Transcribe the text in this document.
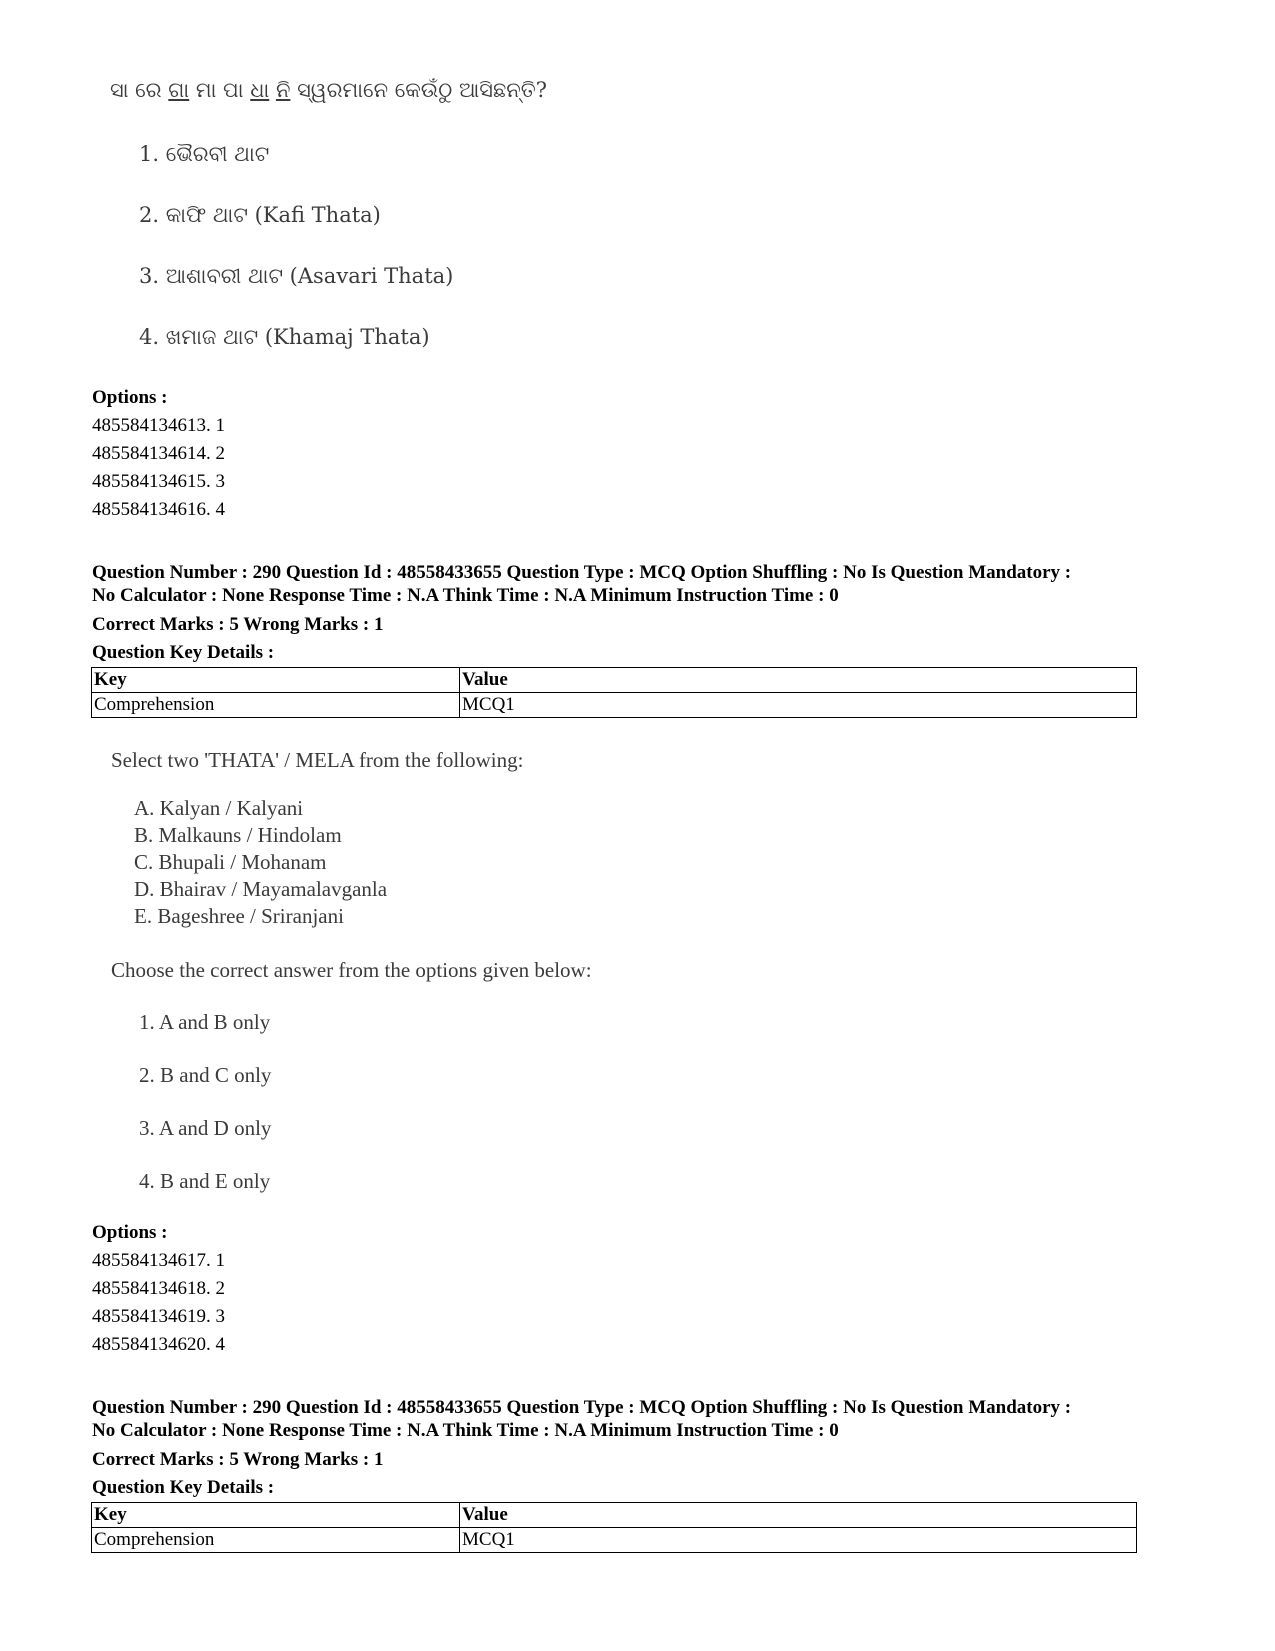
ସା ରେ ଗା ମା ପା ଧା ନି ସ୍ୱରମାନେ କେଉଁଠୁ ଆସିଛନ୍ତି?
1. ଭୈରବୀ ଥାଟ
2. କାଫି ଥାଟ (Kafi Thata)
3. ଆଶାବରୀ ଥାଟ (Asavari Thata)
4. ଖମାଜ ଥାଟ (Khamaj Thata)
Options :
485584134613. 1
485584134614. 2
485584134615. 3
485584134616. 4
Question Number : 290 Question Id : 48558433655 Question Type : MCQ Option Shuffling : No Is Question Mandatory :
No Calculator : None Response Time : N.A Think Time : N.A Minimum Instruction Time : 0
Correct Marks : 5 Wrong Marks : 1
Question Key Details :
Key	Value
Comprehension	MCQ1
Select two 'THATA' / MELA from the following:
A. Kalyan / Kalyani
B. Malkauns / Hindolam
C. Bhupali / Mohanam
D. Bhairav / Mayamalavganla
E. Bageshree / Sriranjani
Choose the correct answer from the options given below:
1. A and B only
2. B and C only
3. A and D only
4. B and E only
Options :
485584134617. 1
485584134618. 2
485584134619. 3
485584134620. 4
Question Number : 290 Question Id : 48558433655 Question Type : MCQ Option Shuffling : No Is Question Mandatory :
No Calculator : None Response Time : N.A Think Time : N.A Minimum Instruction Time : 0
Correct Marks : 5 Wrong Marks : 1
Question Key Details :
Key	Value
Comprehension	MCQ1
